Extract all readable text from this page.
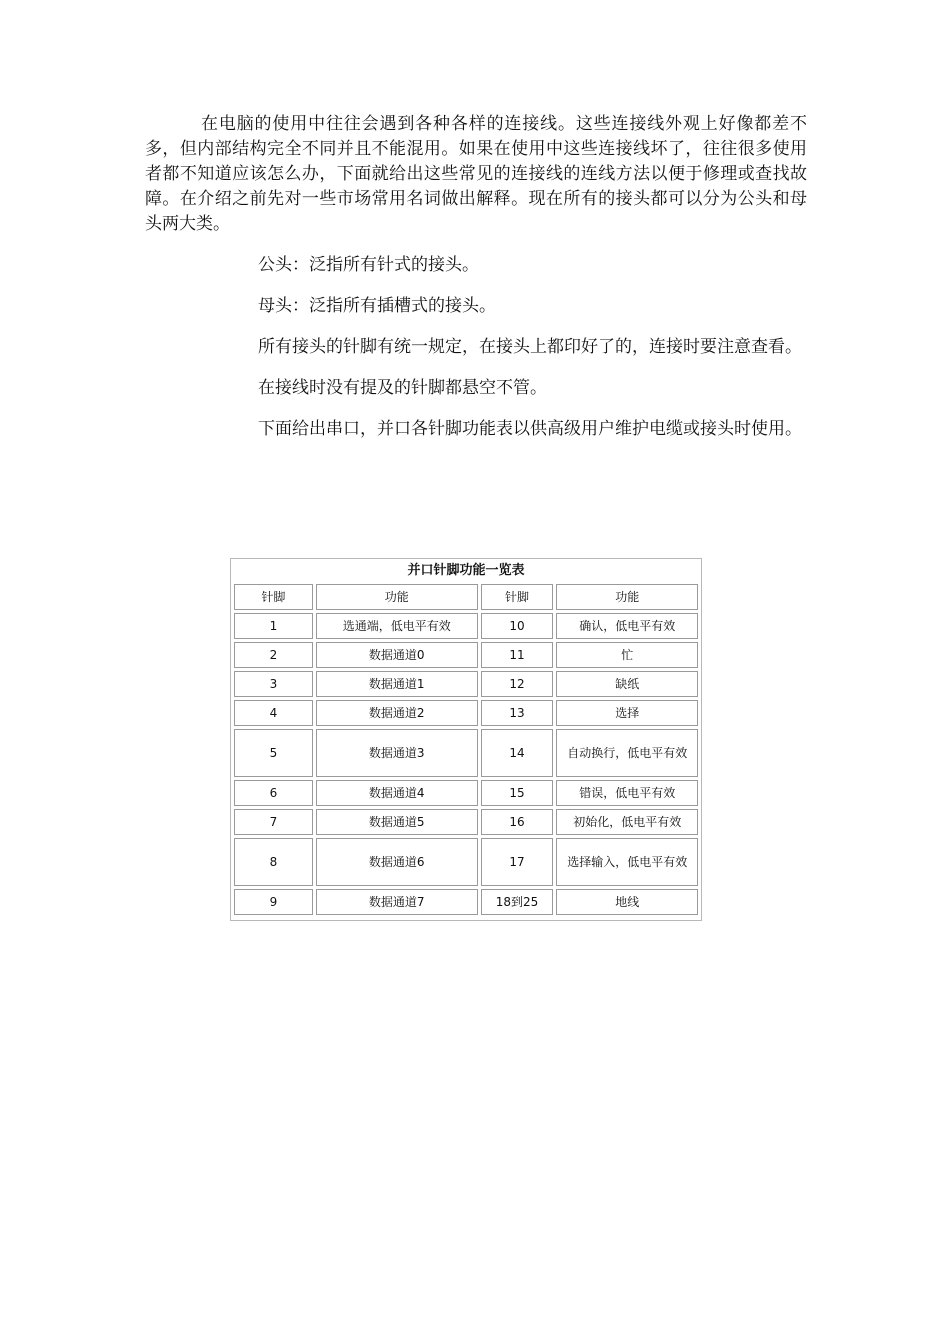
在电脑的使用中往往会遇到各种各样的连接线。这些连接线外观上好像都差不多，但内部结构完全不同并且不能混用。如果在使用中这些连接线坏了，往往很多使用者都不知道应该怎么办，下面就给出这些常见的连接线的连线方法以便于修理或查找故障。在介绍之前先对一些市场常用名词做出解释。现在所有的接头都可以分为公头和母头两大类。

公头：泛指所有针式的接头。

母头：泛指所有插槽式的接头。

所有接头的针脚有统一规定，在接头上都印好了的，连接时要注意查看。

在接线时没有提及的针脚都悬空不管。

下面给出串口，并口各针脚功能表以供高级用户维护电缆或接头时使用。

并口针脚功能一览表
针脚	功能	针脚	功能
1	选通端，低电平有效	10	确认，低电平有效
2	数据通道0	11	忙
3	数据通道1	12	缺纸
4	数据通道2	13	选择
5	数据通道3	14	自动换行，低电平有效
6	数据通道4	15	错误，低电平有效
7	数据通道5	16	初始化，低电平有效
8	数据通道6	17	选择输入，低电平有效
9	数据通道7	18到25	地线
